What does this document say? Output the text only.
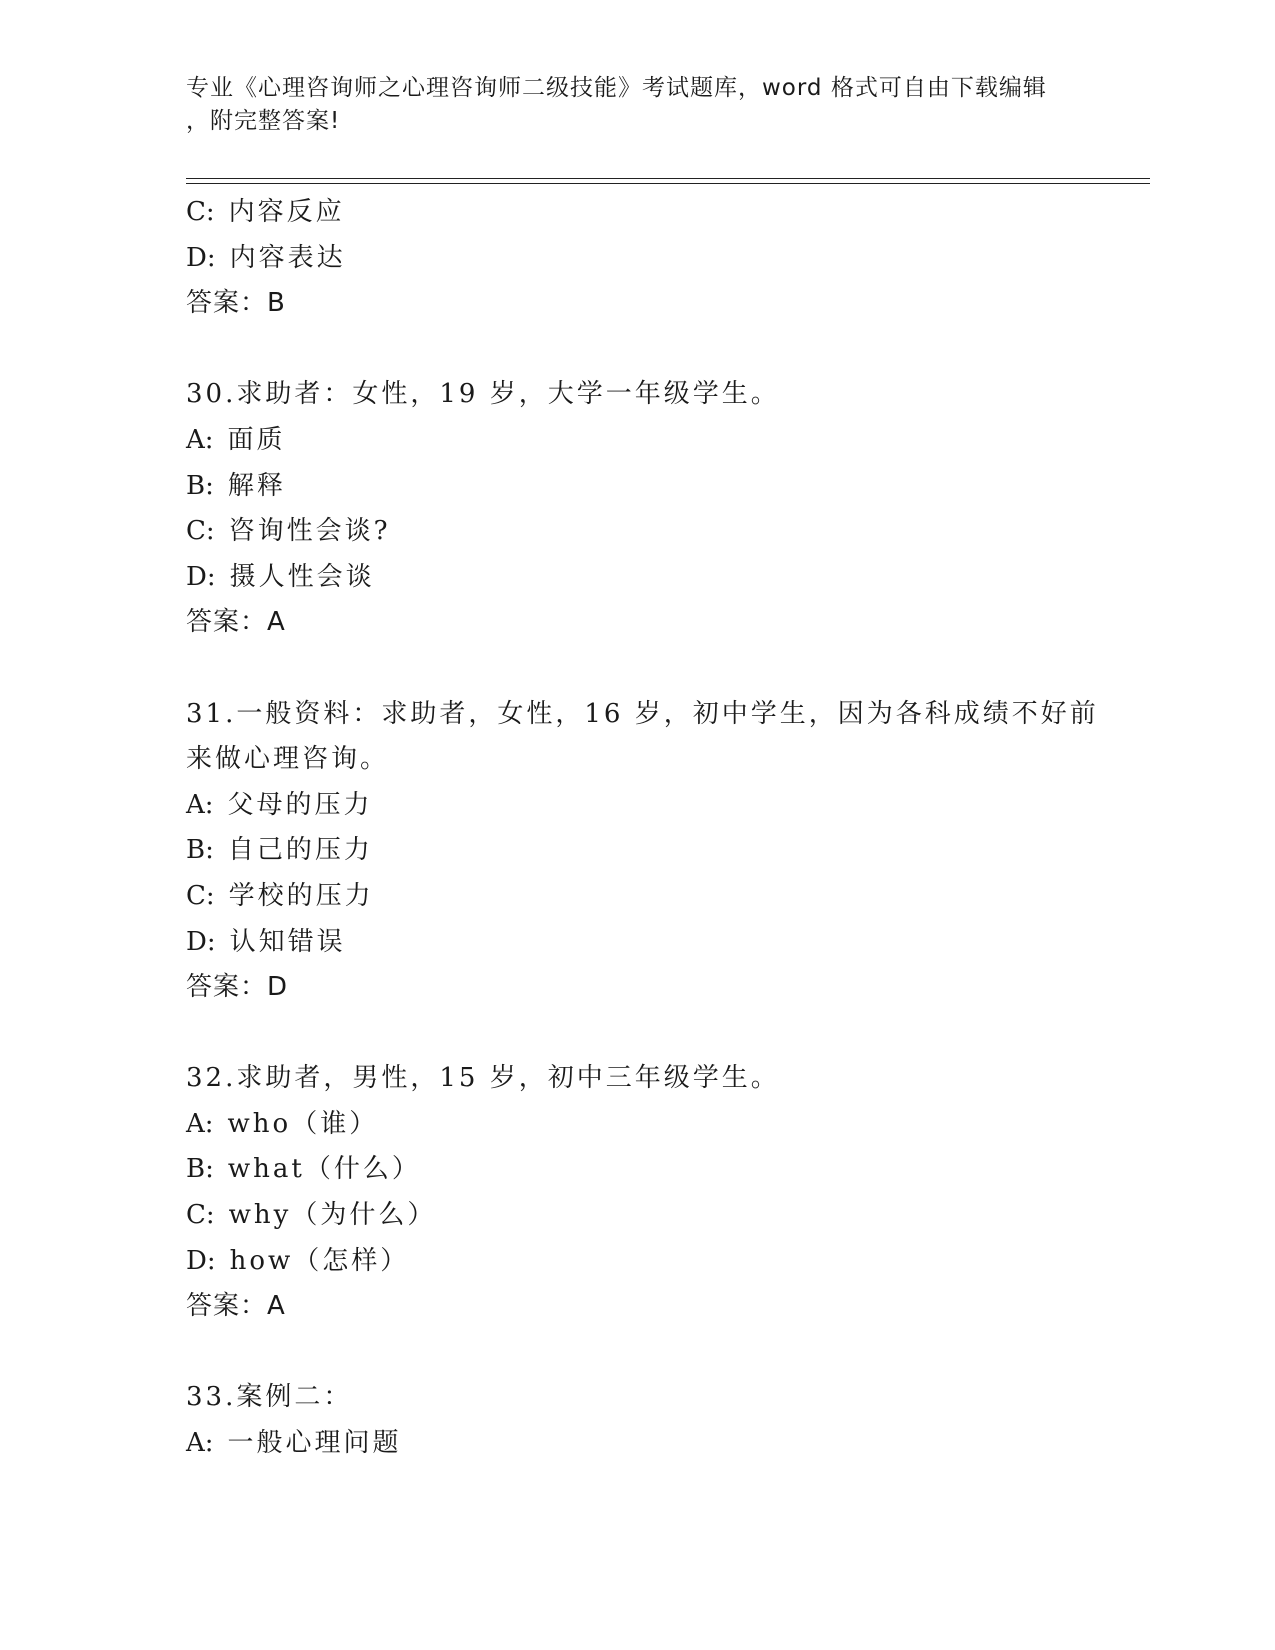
专业《心理咨询师之心理咨询师二级技能》考试题库，word 格式可自由下载编辑
，附完整答案!
C: 内容反应
D: 内容表达
答案：B
30.求助者：女性，19 岁，大学一年级学生。
A: 面质
B: 解释
C: 咨询性会谈?
D: 摄人性会谈
答案：A
31.一般资料：求助者，女性，16 岁，初中学生，因为各科成绩不好前
来做心理咨询。
A: 父母的压力
B: 自己的压力
C: 学校的压力
D: 认知错误
答案：D
32.求助者，男性，15 岁，初中三年级学生。
A: who（谁）
B: what（什么）
C: why（为什么）
D: how（怎样）
答案：A
33.案例二：
A: 一般心理问题
